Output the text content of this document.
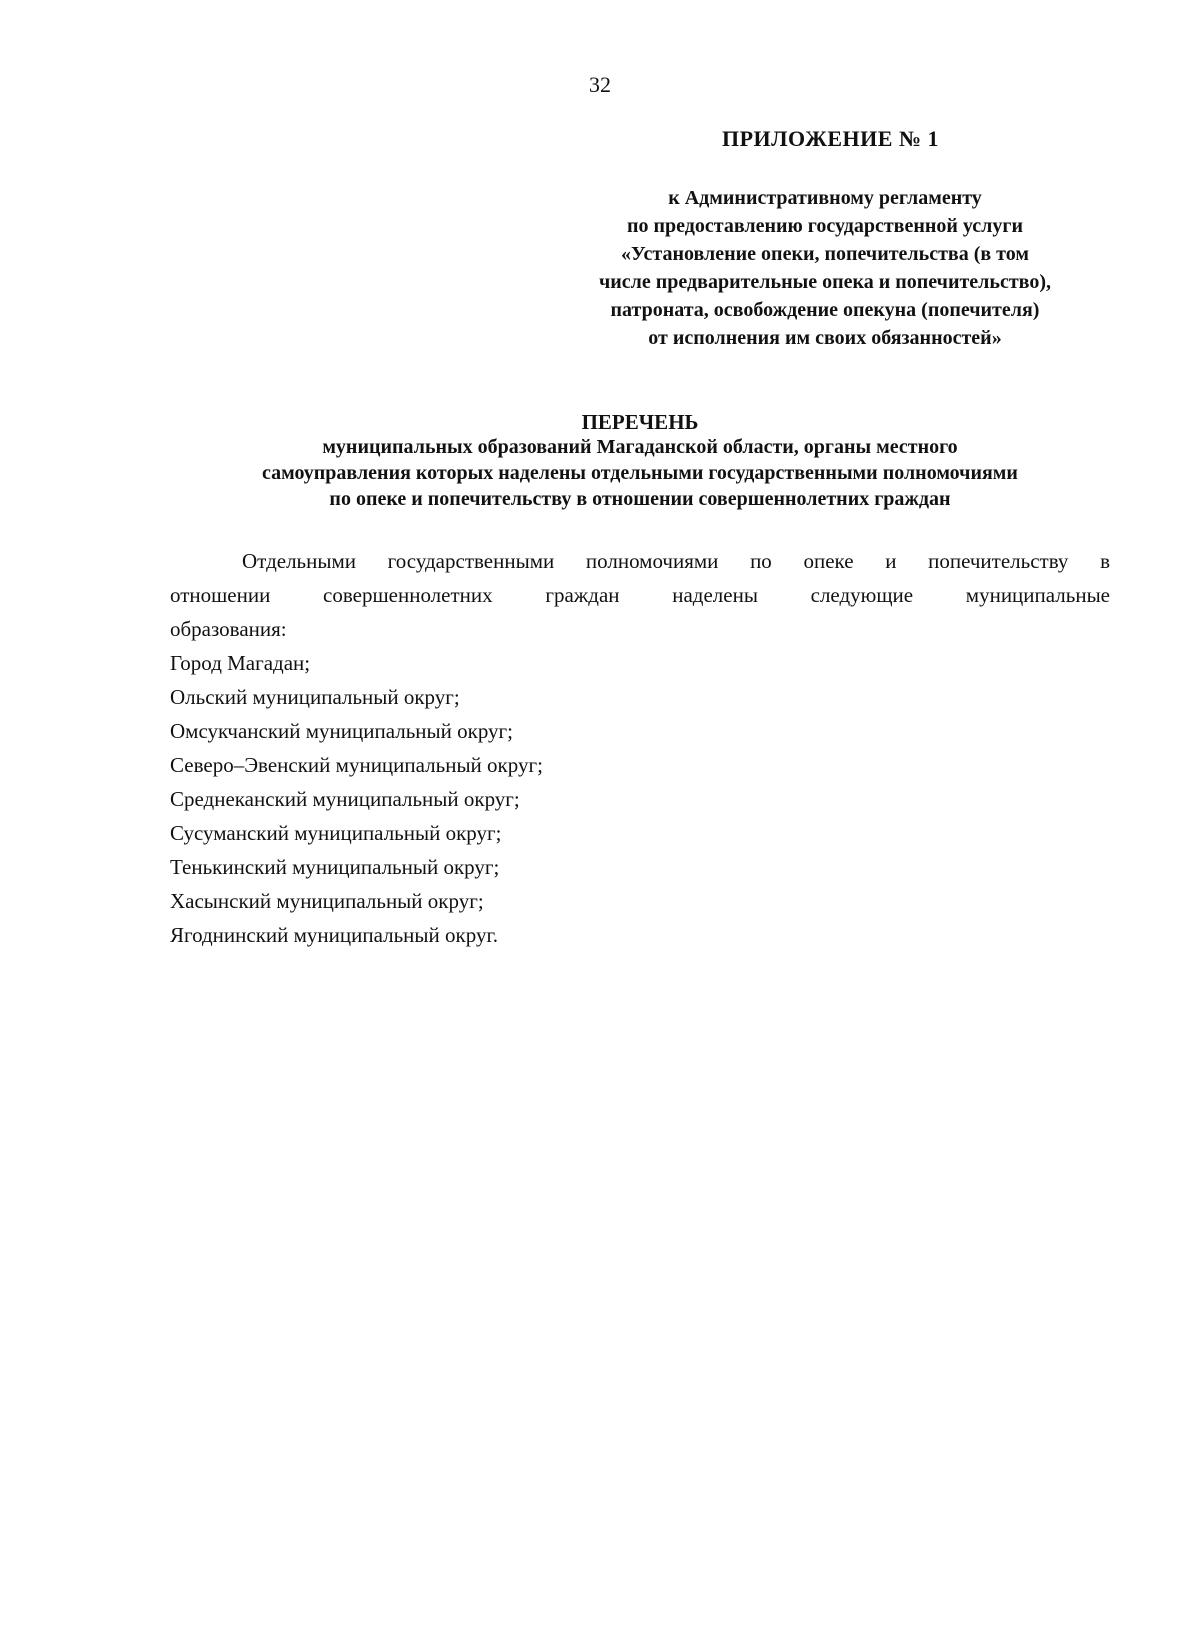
32
ПРИЛОЖЕНИЕ № 1
к Административному регламенту
по предоставлению государственной услуги
«Установление опеки, попечительства (в том
числе предварительные опека и попечительство),
патроната, освобождение опекуна (попечителя)
от исполнения им своих обязанностей»
ПЕРЕЧЕНЬ
муниципальных образований Магаданской области, органы местного
самоуправления которых наделены отдельными государственными полномочиями
по опеке и попечительству в отношении совершеннолетних граждан
Отдельными государственными полномочиями по опеке и попечительству в
отношении совершеннолетних граждан наделены следующие муниципальные
образования:
Город Магадан;
Ольский муниципальный округ;
Омсукчанский муниципальный округ;
Северо–Эвенский муниципальный округ;
Среднеканский муниципальный округ;
Сусуманский муниципальный округ;
Тенькинский муниципальный округ;
Хасынский муниципальный округ;
Ягоднинский муниципальный округ.
